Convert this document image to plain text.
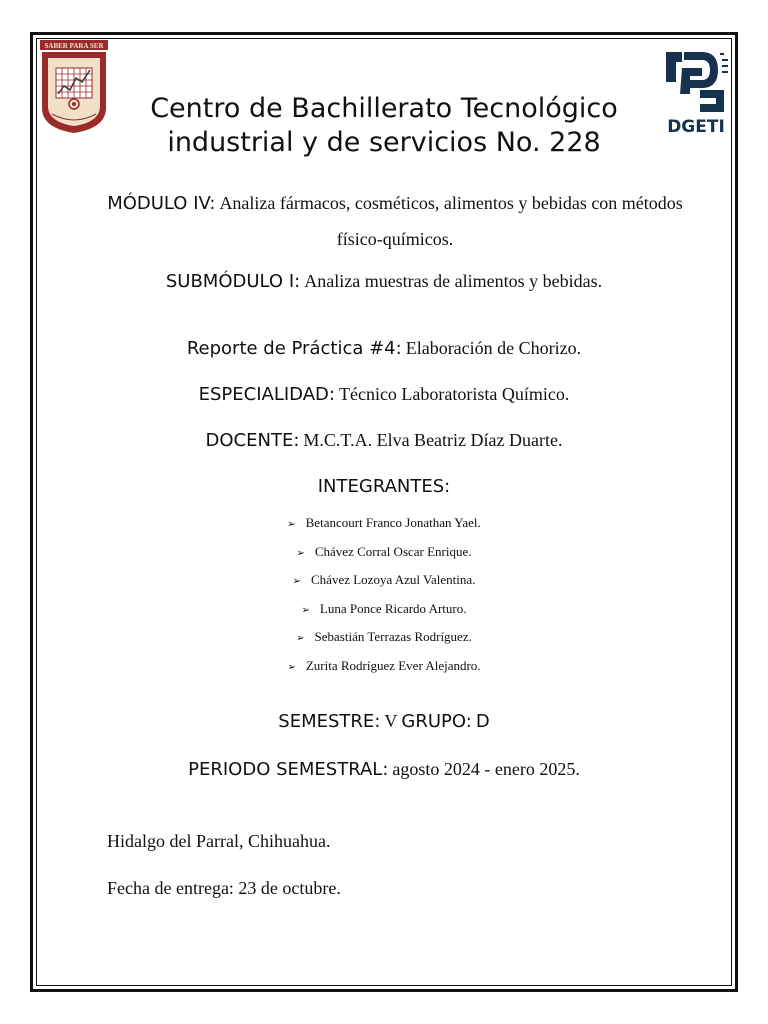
SABER PARA SER
DGETI
Centro de Bachillerato Tecnológico
industrial y de servicios No. 228
MÓDULO IV: Analiza fármacos, cosméticos, alimentos y bebidas con métodos físico-químicos.
SUBMÓDULO I: Analiza muestras de alimentos y bebidas.
Reporte de Práctica #4: Elaboración de Chorizo.
ESPECIALIDAD: Técnico Laboratorista Químico.
DOCENTE: M.C.T.A. Elva Beatriz Díaz Duarte.
INTEGRANTES:
➢ Betancourt Franco Jonathan Yael.
➢ Chávez Corral Oscar Enrique.
➢ Chávez Lozoya Azul Valentina.
➢ Luna Ponce Ricardo Arturo.
➢ Sebastián Terrazas Rodríguez.
➢ Zurita Rodríguez Ever Alejandro.
SEMESTRE: V GRUPO: D
PERIODO SEMESTRAL: agosto 2024 - enero 2025.
Hidalgo del Parral, Chihuahua.
Fecha de entrega: 23 de octubre.
